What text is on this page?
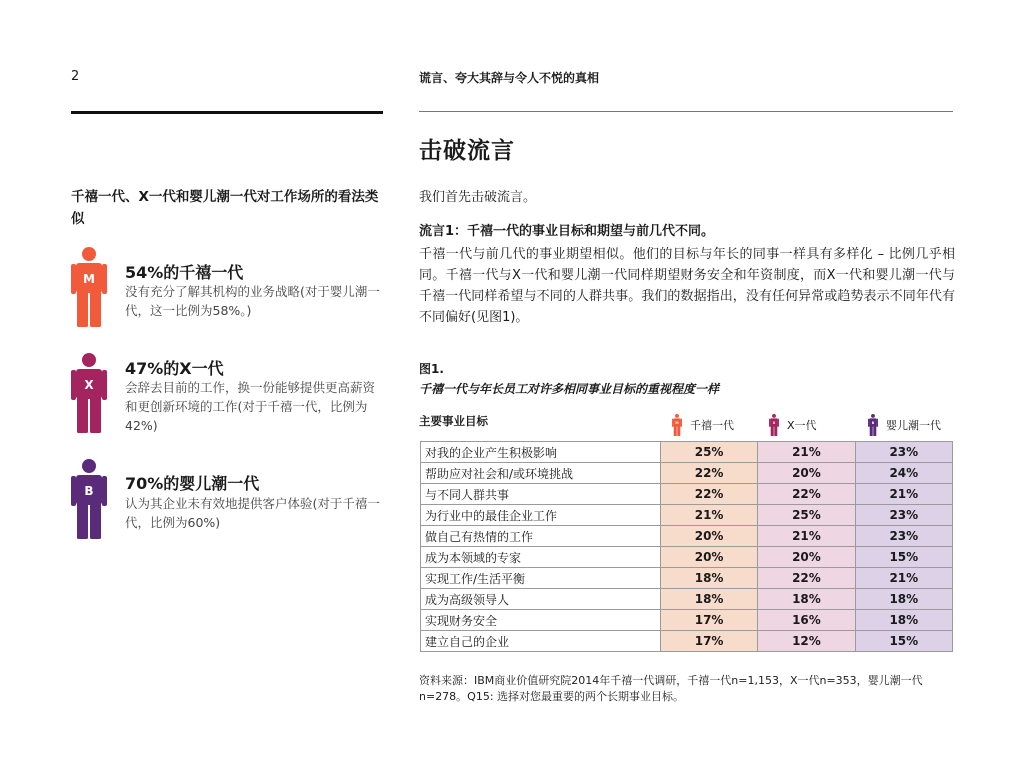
2	谎言、夸大其辞与令人不悦的真相
击破流言
千禧一代、X一代和婴儿潮一代对工作场所的看法类似
M 54%的千禧一代
没有充分了解其机构的业务战略(对于婴儿潮一代，这一比例为58%。)
X
47%的X一代
会辞去目前的工作，换一份能够提供更高薪资和更创新环境的工作(对于千禧一代，比例为42%)
B 70%的婴儿潮一代
认为其企业未有效地提供客户体验(对于千禧一代，比例为60%)
我们首先击破流言。
流言1：千禧一代的事业目标和期望与前几代不同。
千禧一代与前几代的事业期望相似。他们的目标与年长的同事一样具有多样化 – 比例几乎相同。千禧一代与X一代和婴儿潮一代同样期望财务安全和年资制度，而X一代和婴儿潮一代与千禧一代同样希望与不同的人群共事。我们的数据指出，没有任何异常或趋势表示不同年代有不同偏好(见图1)。
图1.
千禧一代与年长员工对许多相同事业目标的重视程度一样
主要事业目标	M 千禧一代	X X一代	B 婴儿潮一代
对我的企业产生积极影响	25%	21%	23%
帮助应对社会和/或环境挑战	22%	20%	24%
与不同人群共事	22%	22%	21%
为行业中的最佳企业工作	21%	25%	23%
做自己有热情的工作	20%	21%	23%
成为本领域的专家	20%	20%	15%
实现工作/生活平衡	18%	22%	21%
成为高级领导人	18%	18%	18%
实现财务安全	17%	16%	18%
建立自己的企业	17%	12%	15%
资料来源：IBM商业价值研究院2014年千禧一代调研，千禧一代n=1,153，X一代n=353，婴儿潮一代n=278。Q15: 选择对您最重要的两个长期事业目标。
